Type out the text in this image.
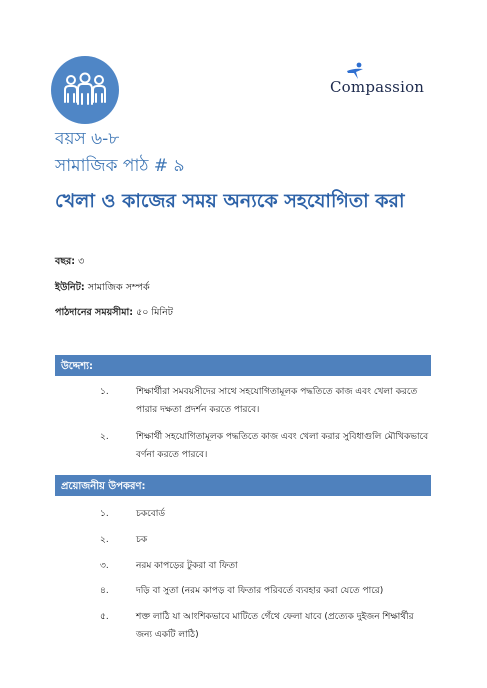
Compassion
বয়স ৬-৮
সামাজিক পাঠ # ৯
খেলা ও কাজের সময় অন্যকে সহযোগিতা করা
বছর: ৩
ইউনিট: সামাজিক সম্পর্ক
পাঠদানের সময়সীমা: ৫০ মিনিট
উদ্দেশ্য:
১.	শিক্ষার্থীরা সমবয়সীদের সাথে সহযোগিতামূলক পদ্ধতিতে কাজ এবং খেলা করতে পারার দক্ষতা প্রদর্শন করতে পারবে।
২.	শিক্ষার্থী সহযোগিতামূলক পদ্ধতিতে কাজ এবং খেলা করার সুবিধাগুলি মৌখিকভাবে বর্ণনা করতে পারবে।
প্রয়োজনীয় উপকরণ:
১.	চকবোর্ড
২.	চক
৩.	নরম কাপড়ের টুকরা বা ফিতা
৪.	দড়ি বা সুতা (নরম কাপড় বা ফিতার পরিবর্তে ব্যবহার করা যেতে পারে)
৫.	শক্ত লাঠি যা আংশিকভাবে মাটিতে গেঁথে ফেলা যাবে (প্রত্যেক দুইজন শিক্ষার্থীর জন্য একটি লাঠি)
